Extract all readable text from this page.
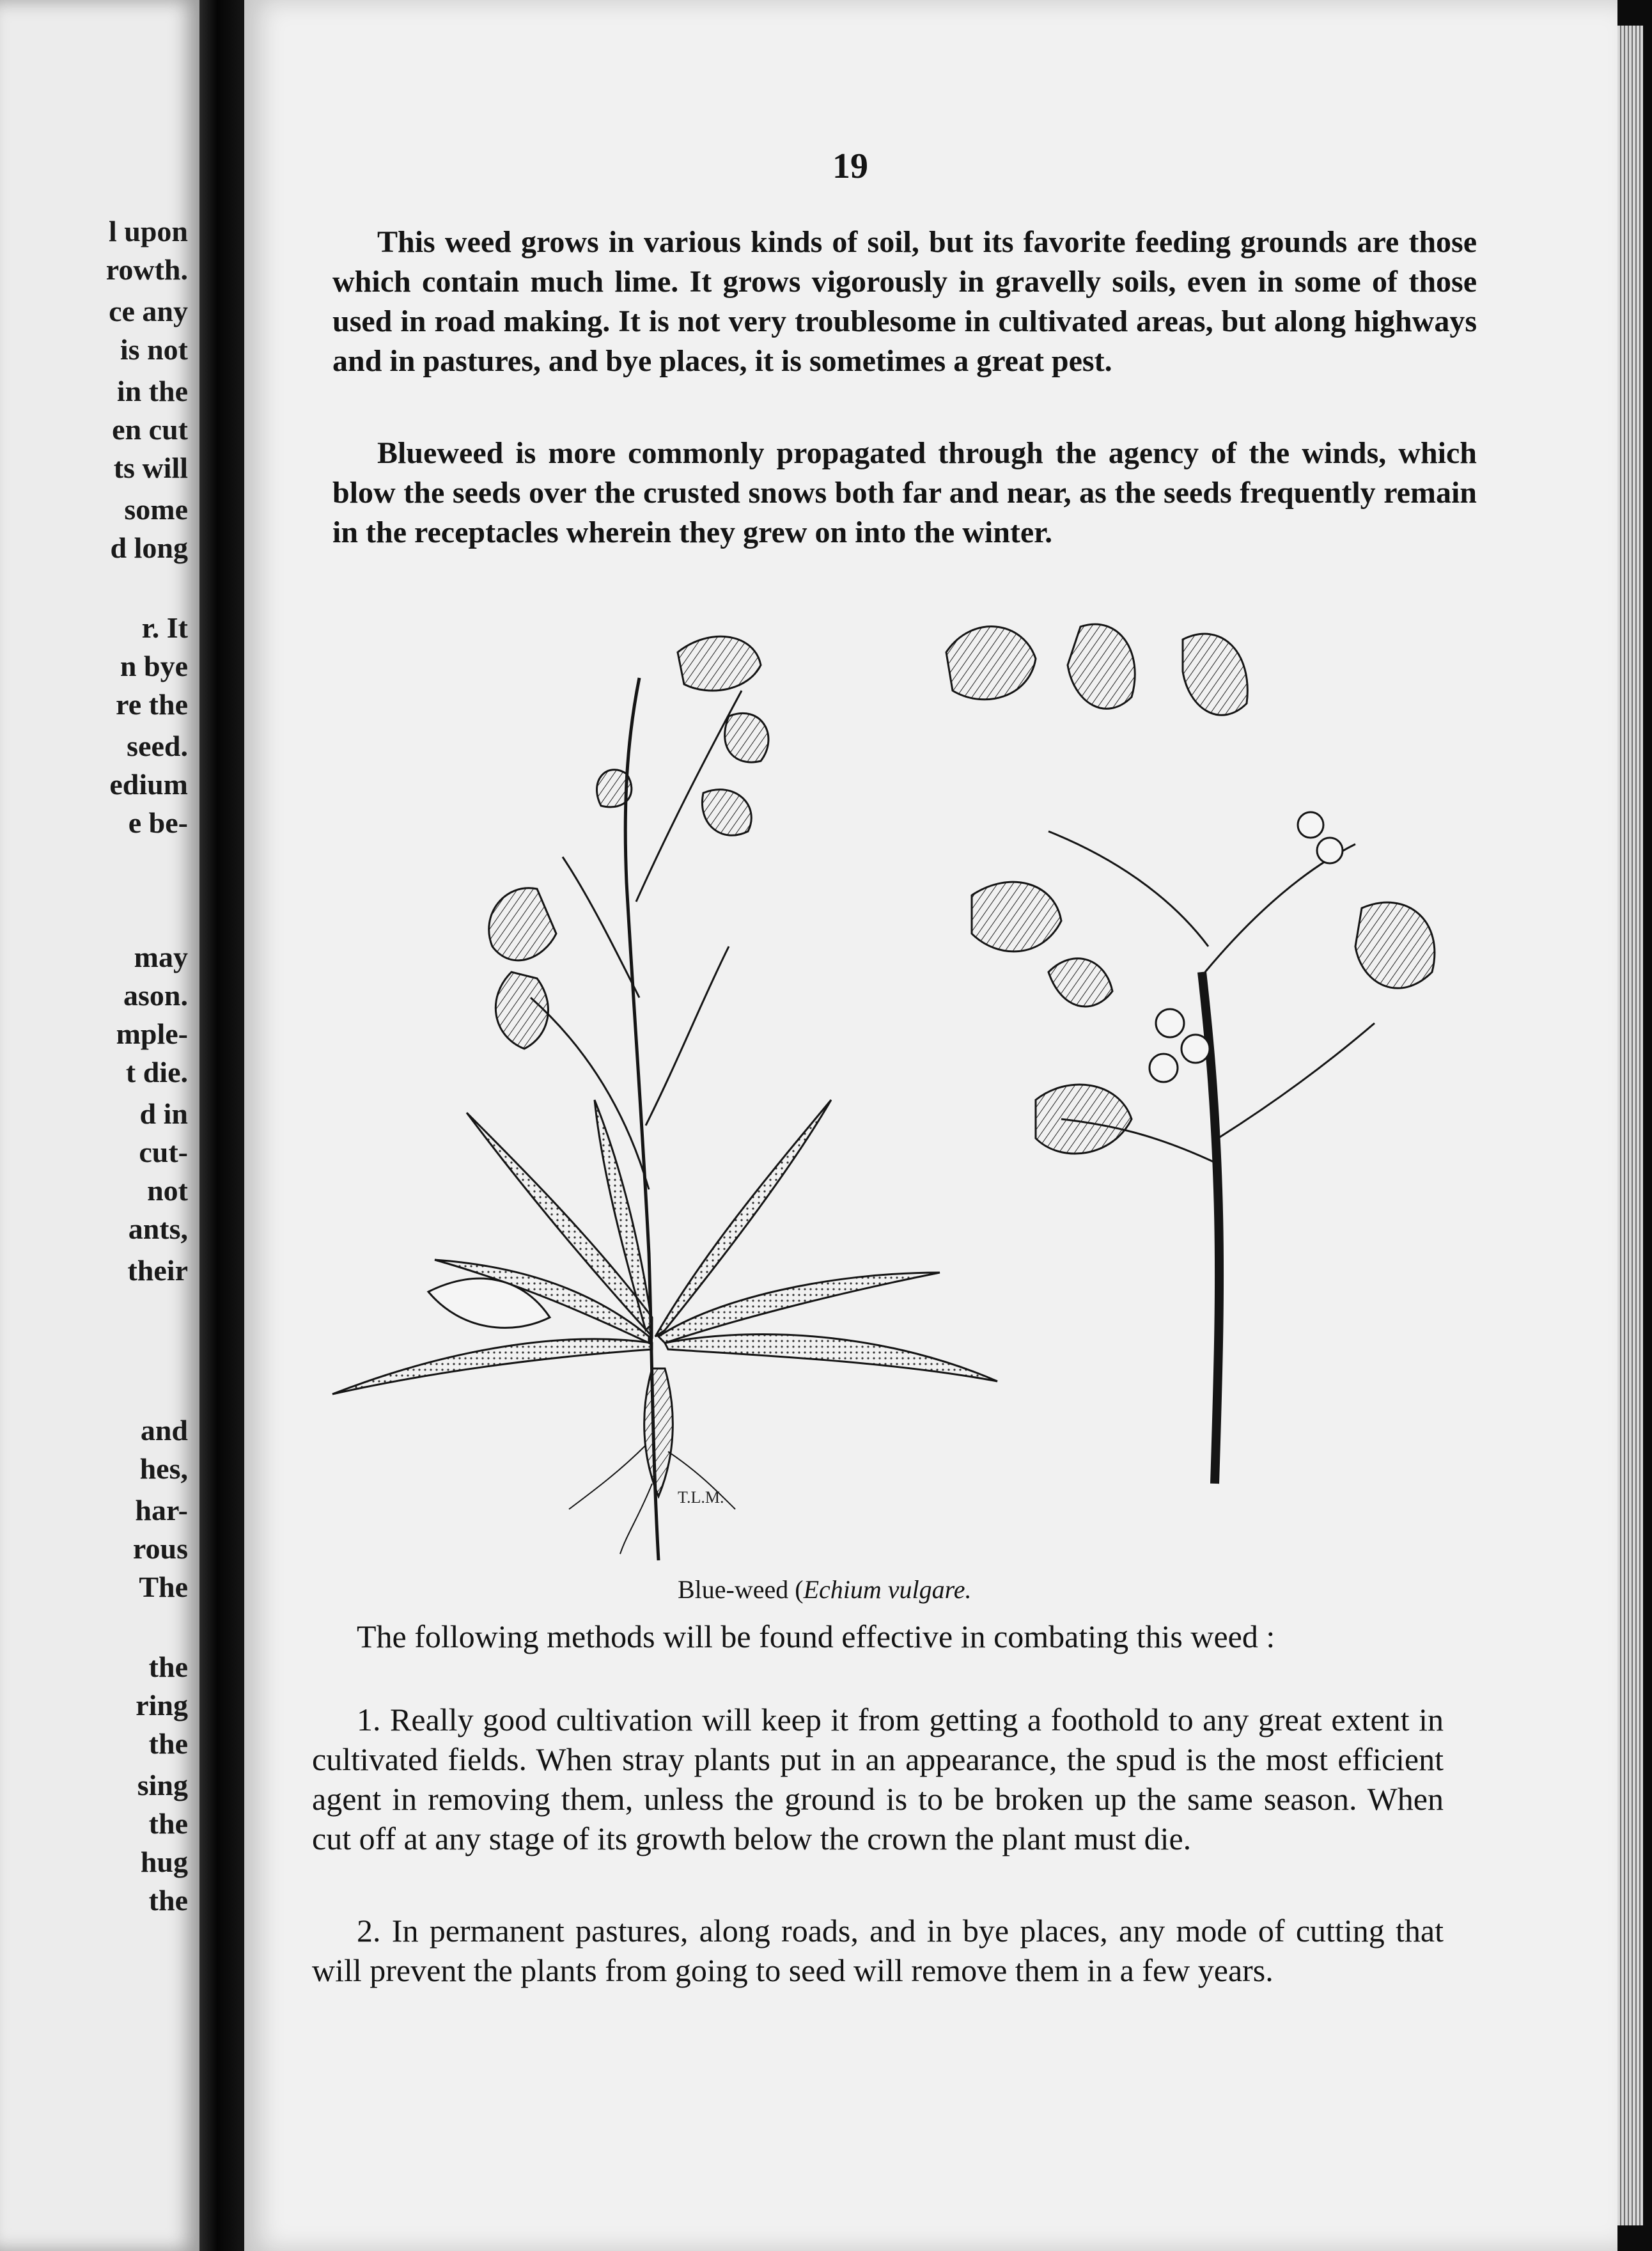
l upon
rowth.
ce any
is not
in the
en cut
ts will
some
d long
r. It
n bye
re the
seed.
edium
e be-
may
ason.
mple-
t die.
d in
cut-
not
ants,
their
and
hes,
har-
rous
The
the
ring
the
sing
the
hug
the
19

This weed grows in various kinds of soil, but its favorite feeding grounds are those which contain much lime. It grows vigorously in gravelly soils, even in some of those used in road making. It is not very troublesome in cultivated areas, but along highways and in pastures, and bye places, it is sometimes a great pest.

Blueweed is more commonly propagated through the agency of the winds, which blow the seeds over the crusted snows both far and near, as the seeds frequently remain in the receptacles wherein they grew on into the winter.

T.L.M.
Blue-weed (Echium vulgare.

The following methods will be found effective in combating this weed :

1. Really good cultivation will keep it from getting a foothold to any great extent in cultivated fields. When stray plants put in an appearance, the spud is the most efficient agent in removing them, unless the ground is to be broken up the same season. When cut off at any stage of its growth below the crown the plant must die.

2. In permanent pastures, along roads, and in bye places, any mode of cutting that will prevent the plants from going to seed will remove them in a few years.
